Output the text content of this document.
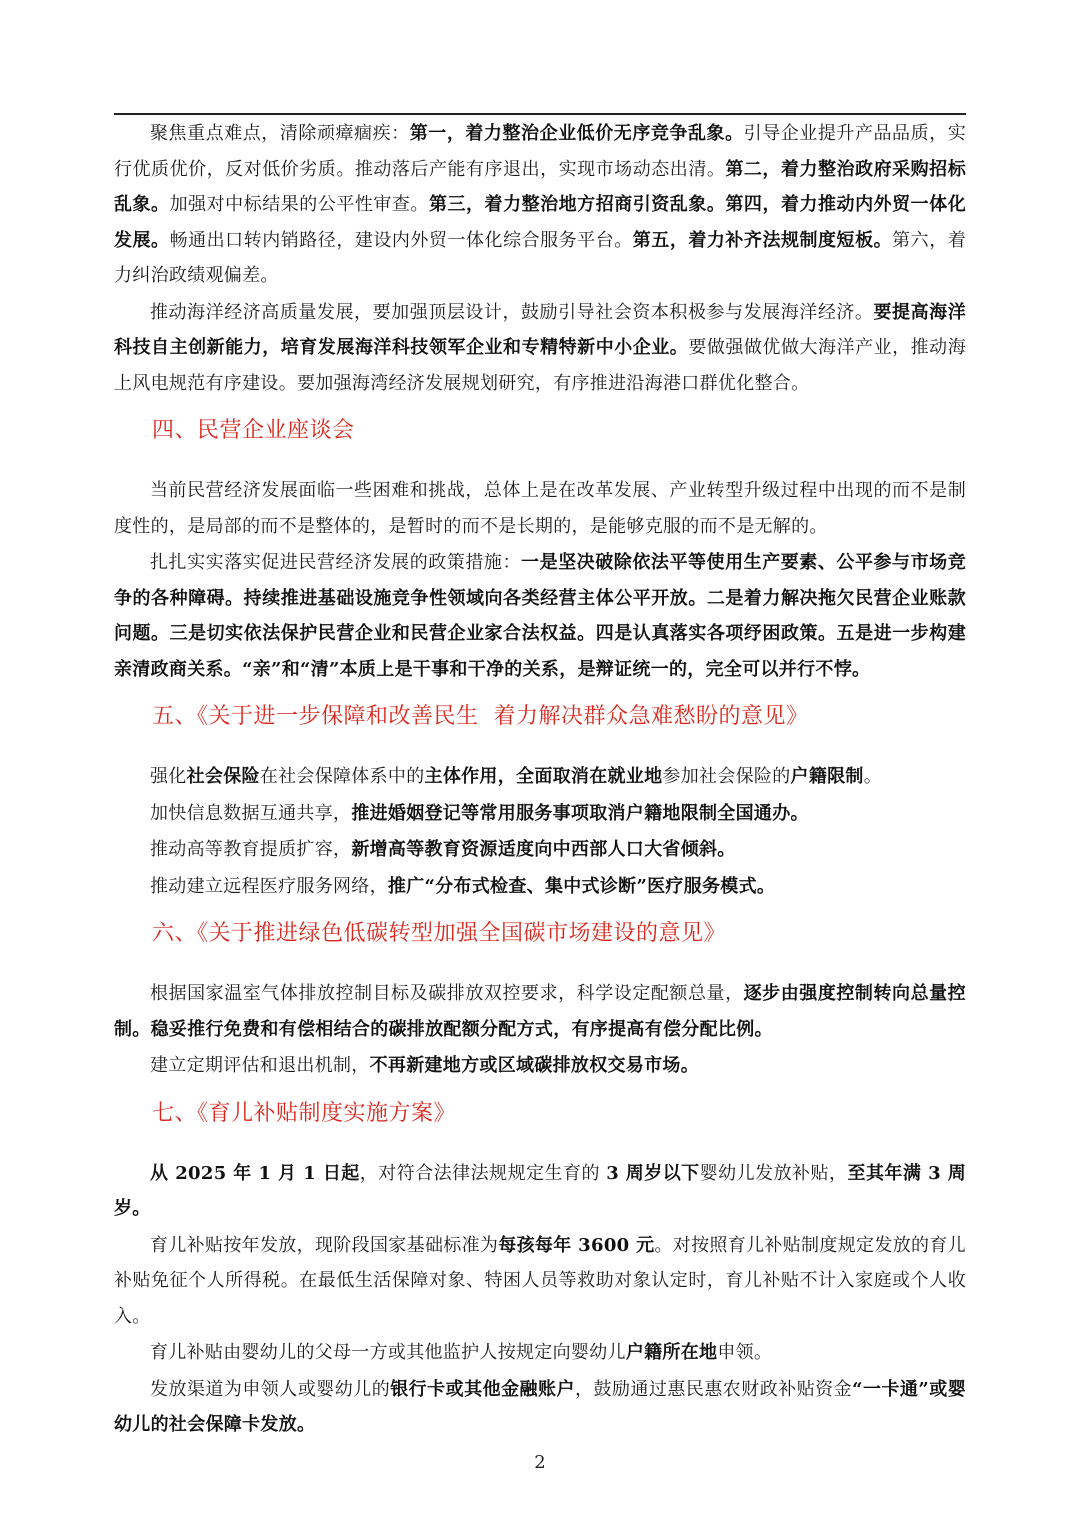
聚焦重点难点，清除顽瘴痼疾：第一，着力整治企业低价无序竞争乱象。引导企业提升产品品质，实行优质优价，反对低价劣质。推动落后产能有序退出，实现市场动态出清。第二，着力整治政府采购招标乱象。加强对中标结果的公平性审查。第三，着力整治地方招商引资乱象。第四，着力推动内外贸一体化发展。畅通出口转内销路径，建设内外贸一体化综合服务平台。第五，着力补齐法规制度短板。第六，着力纠治政绩观偏差。

推动海洋经济高质量发展，要加强顶层设计，鼓励引导社会资本积极参与发展海洋经济。要提高海洋科技自主创新能力，培育发展海洋科技领军企业和专精特新中小企业。要做强做优做大海洋产业，推动海上风电规范有序建设。要加强海湾经济发展规划研究，有序推进沿海港口群优化整合。

四、民营企业座谈会

当前民营经济发展面临一些困难和挑战，总体上是在改革发展、产业转型升级过程中出现的而不是制度性的，是局部的而不是整体的，是暂时的而不是长期的，是能够克服的而不是无解的。

扎扎实实落实促进民营经济发展的政策措施：一是坚决破除依法平等使用生产要素、公平参与市场竞争的各种障碍。持续推进基础设施竞争性领域向各类经营主体公平开放。二是着力解决拖欠民营企业账款问题。三是切实依法保护民营企业和民营企业家合法权益。四是认真落实各项纾困政策。五是进一步构建亲清政商关系。“亲”和“清”本质上是干事和干净的关系，是辩证统一的，完全可以并行不悖。

五、《关于进一步保障和改善民生  着力解决群众急难愁盼的意见》

强化社会保险在社会保障体系中的主体作用，全面取消在就业地参加社会保险的户籍限制。

加快信息数据互通共享，推进婚姻登记等常用服务事项取消户籍地限制全国通办。

推动高等教育提质扩容，新增高等教育资源适度向中西部人口大省倾斜。

推动建立远程医疗服务网络，推广“分布式检查、集中式诊断”医疗服务模式。

六、《关于推进绿色低碳转型加强全国碳市场建设的意见》

根据国家温室气体排放控制目标及碳排放双控要求，科学设定配额总量，逐步由强度控制转向总量控制。稳妥推行免费和有偿相结合的碳排放配额分配方式，有序提高有偿分配比例。

建立定期评估和退出机制，不再新建地方或区域碳排放权交易市场。

七、《育儿补贴制度实施方案》

从 2025 年 1 月 1 日起，对符合法律法规规定生育的 3 周岁以下婴幼儿发放补贴，至其年满 3 周岁。

育儿补贴按年发放，现阶段国家基础标准为每孩每年 3600 元。对按照育儿补贴制度规定发放的育儿补贴免征个人所得税。在最低生活保障对象、特困人员等救助对象认定时，育儿补贴不计入家庭或个人收入。

育儿补贴由婴幼儿的父母一方或其他监护人按规定向婴幼儿户籍所在地申领。

发放渠道为申领人或婴幼儿的银行卡或其他金融账户，鼓励通过惠民惠农财政补贴资金“一卡通”或婴幼儿的社会保障卡发放。

2
